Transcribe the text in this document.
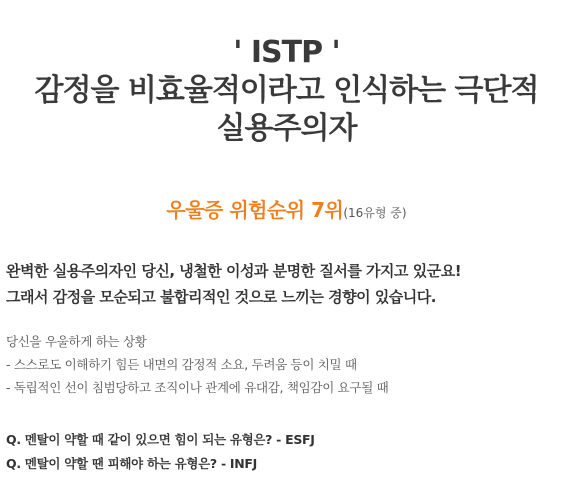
' ISTP '
감정을 비효율적이라고 인식하는 극단적
실용주의자
우울증 위험순위 7위(16유형 중)
완벽한 실용주의자인 당신, 냉철한 이성과 분명한 질서를 가지고 있군요!
그래서 감정을 모순되고 불합리적인 것으로 느끼는 경향이 있습니다.
당신을 우울하게 하는 상황
- 스스로도 이해하기 힘든 내면의 감정적 소요, 두려움 등이 치밀 때
- 독립적인 선이 침범당하고 조직이나 관계에 유대감, 책임감이 요구될 때
Q. 멘탈이 약할 때 같이 있으면 힘이 되는 유형은? - ESFJ
Q. 멘탈이 약할 땐 피해야 하는 유형은? - INFJ
